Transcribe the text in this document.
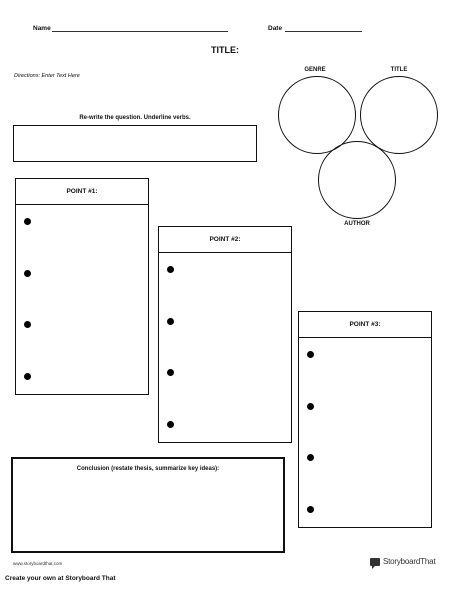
Name	Date
TITLE:
Directions: Enter Text Here
Re-write the question. Underline verbs.
GENRE	TITLE
AUTHOR
POINT #1:
POINT #2:
POINT #3:
Conclusion (restate thesis, summarize key ideas):
www.storyboardthat.com	StoryboardThat
Create your own at Storyboard That
